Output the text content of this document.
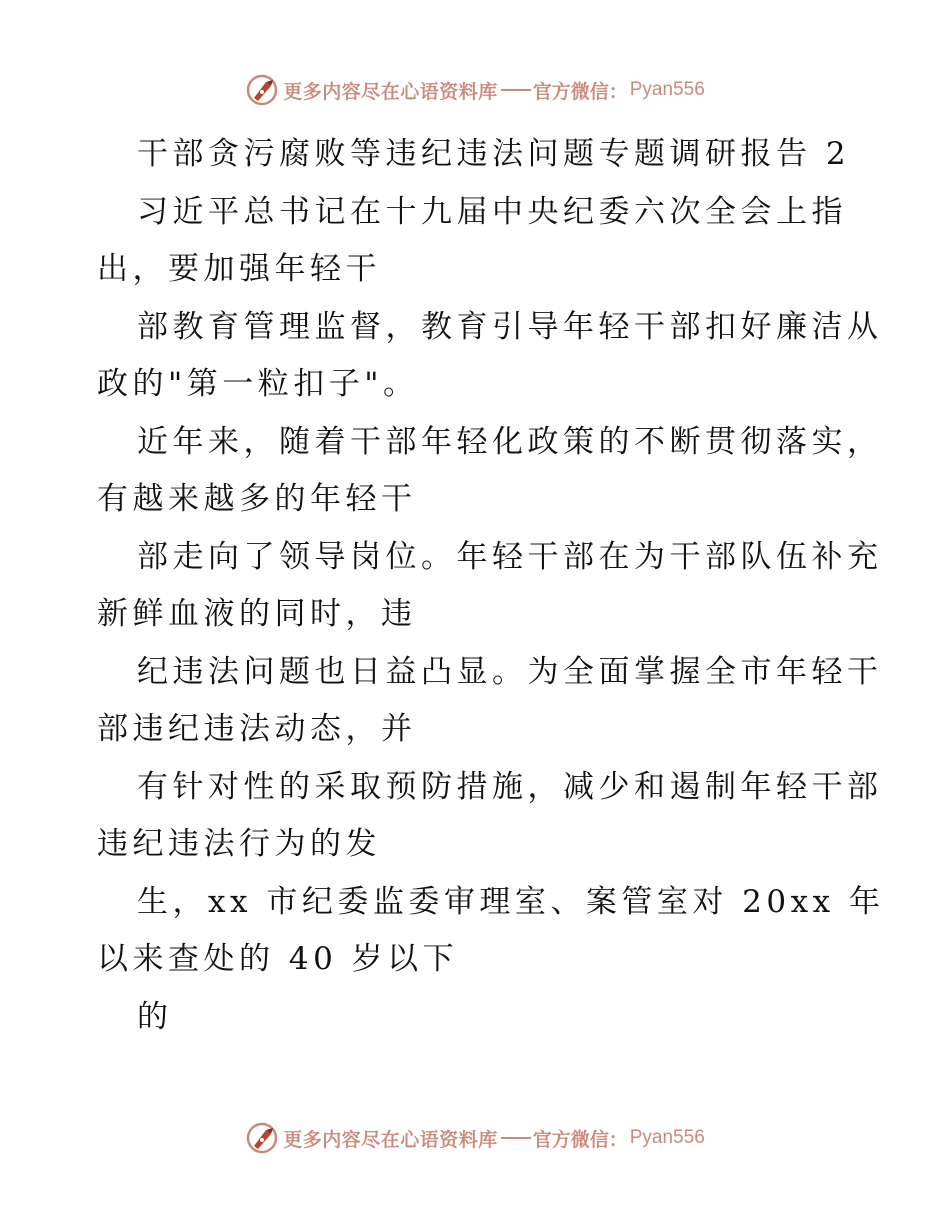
更多内容尽在心语资料库 官方微信： Pyan556
干部贪污腐败等违纪违法问题专题调研报告 2
习近平总书记在十九届中央纪委六次全会上指
出，要加强年轻干
部教育管理监督，教育引导年轻干部扣好廉洁从
政的"第一粒扣子"。
近年来，随着干部年轻化政策的不断贯彻落实，
有越来越多的年轻干
部走向了领导岗位。年轻干部在为干部队伍补充
新鲜血液的同时，违
纪违法问题也日益凸显。为全面掌握全市年轻干
部违纪违法动态，并
有针对性的采取预防措施，减少和遏制年轻干部
违纪违法行为的发
生，xx 市纪委监委审理室、案管室对 20xx 年
以来查处的 40 岁以下
的
更多内容尽在心语资料库 官方微信： Pyan556
